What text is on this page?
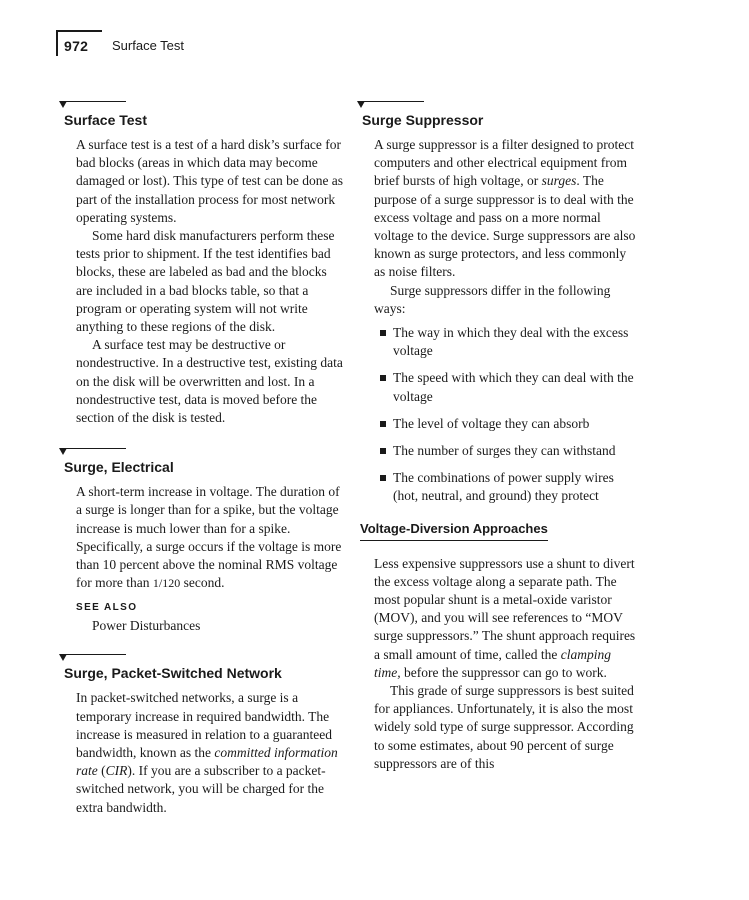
972 Surface Test
Surface Test

A surface test is a test of a hard disk’s surface for bad blocks (areas in which data may become damaged or lost). This type of test can be done as part of the installation process for most network operating systems.

Some hard disk manufacturers perform these tests prior to shipment. If the test identifies bad blocks, these are labeled as bad and the blocks are included in a bad blocks table, so that a program or operating system will not write anything to these regions of the disk.

A surface test may be destructive or nondestructive. In a destructive test, existing data on the disk will be overwritten and lost. In a nondestructive test, data is moved before the section of the disk is tested.

Surge, Electrical

A short-term increase in voltage. The duration of a surge is longer than for a spike, but the voltage increase is much lower than for a spike. Specifically, a surge occurs if the voltage is more than 10 percent above the nominal RMS voltage for more than 1/120 second.

SEE ALSO
Power Disturbances
Surge, Packet-Switched Network

In packet-switched networks, a surge is a temporary increase in required bandwidth. The increase is measured in relation to a guaranteed bandwidth, known as the committed information rate (CIR). If you are a subscriber to a packet-switched network, you will be charged for the extra bandwidth.

Surge Suppressor

A surge suppressor is a filter designed to protect computers and other electrical equipment from brief bursts of high voltage, or surges. The purpose of a surge suppressor is to deal with the excess voltage and pass on a more normal voltage to the device. Surge suppressors are also known as surge protectors, and less commonly as noise filters.

Surge suppressors differ in the following ways:

The way in which they deal with the excess voltage
The speed with which they can deal with the voltage
The level of voltage they can absorb
The number of surges they can withstand
The combinations of power supply wires (hot, neutral, and ground) they protect
Voltage-Diversion Approaches

Less expensive suppressors use a shunt to divert the excess voltage along a separate path. The most popular shunt is a metal-oxide varistor (MOV), and you will see references to “MOV surge suppressors.” The shunt approach requires a small amount of time, called the clamping time, before the suppressor can go to work.

This grade of surge suppressors is best suited for appliances. Unfortunately, it is also the most widely sold type of surge suppressor. According to some estimates, about 90 percent of surge suppressors are of this
